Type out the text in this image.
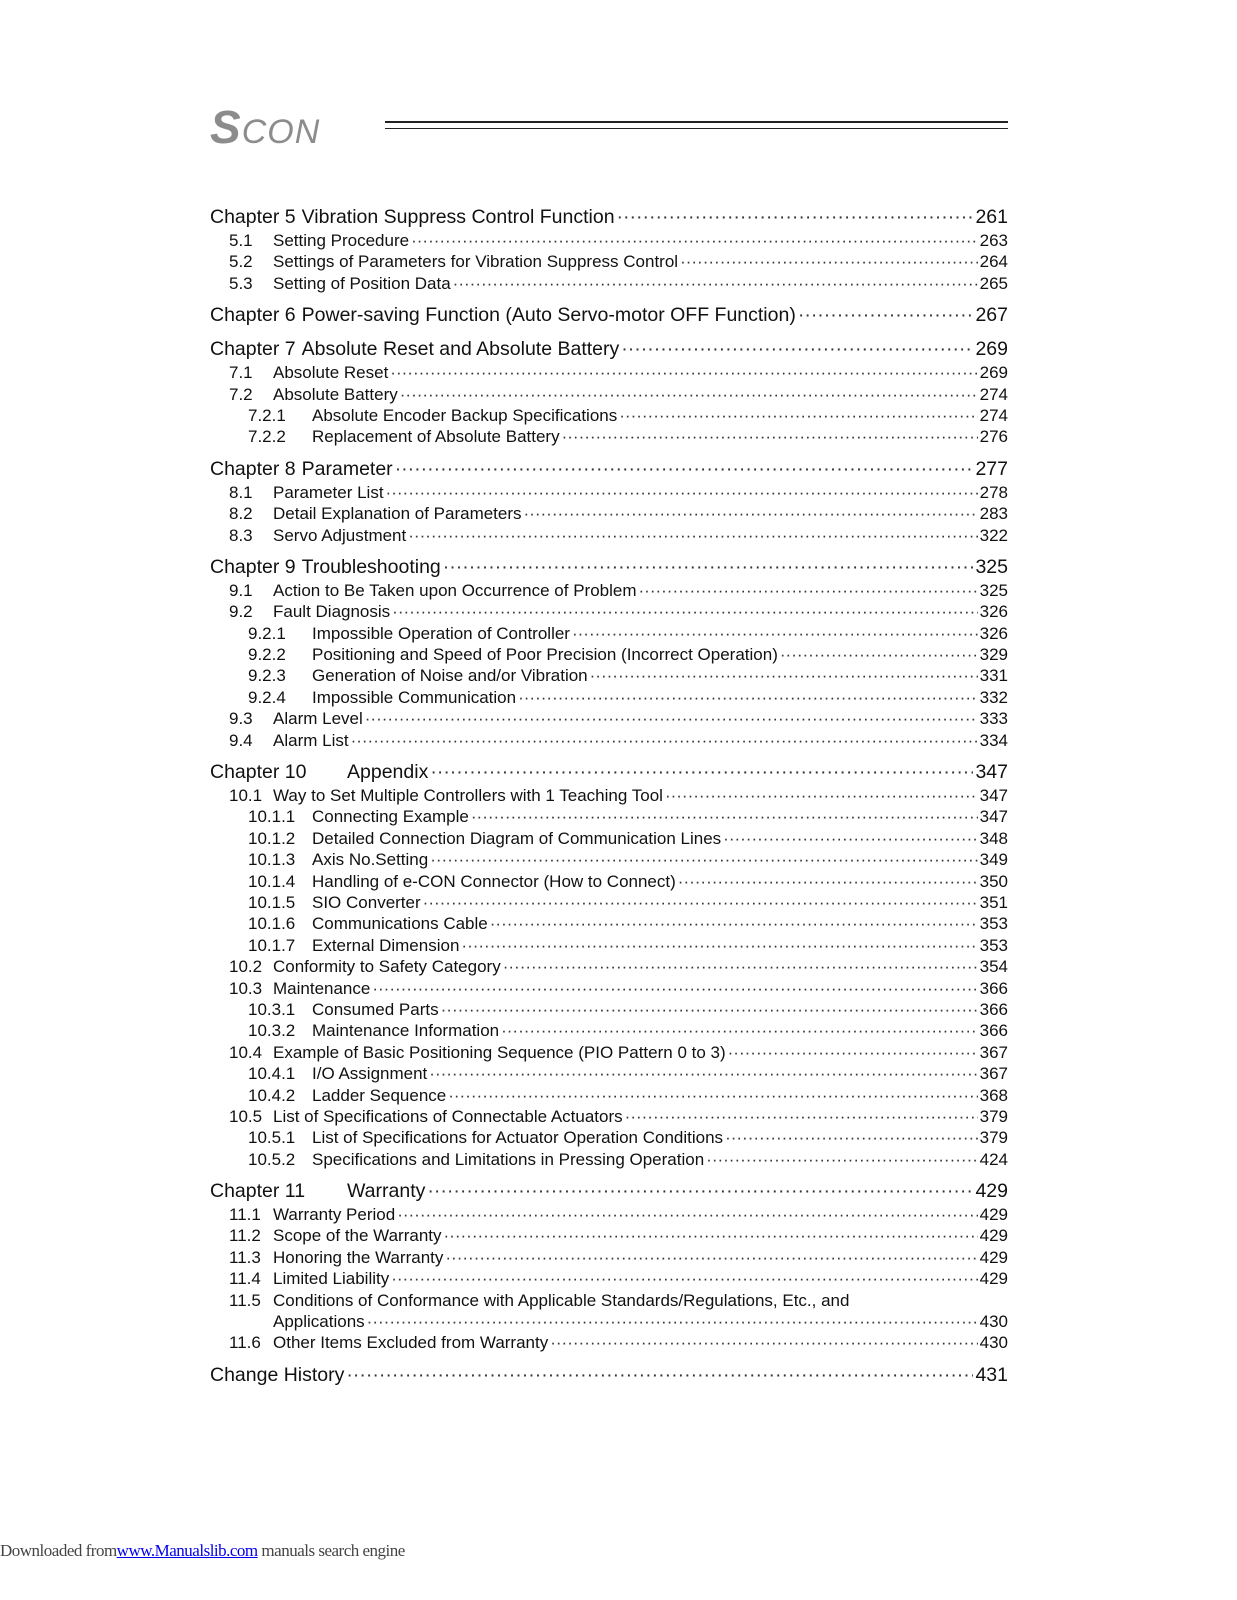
SCON
Chapter 5 Vibration Suppress Control Function ·····	261
5.1	Setting Procedure ·····	263
5.2	Settings of Parameters for Vibration Suppress Control ·····	264
5.3	Setting of Position Data ·····	265
Chapter 6 Power-saving Function (Auto Servo-motor OFF Function) ·····	267
Chapter 7 Absolute Reset and Absolute Battery ·····	269
7.1	Absolute Reset ·····	269
7.2	Absolute Battery ·····	274
7.2.1	Absolute Encoder Backup Specifications ·····	274
7.2.2	Replacement of Absolute Battery ·····	276
Chapter 8 Parameter ·····	277
8.1	Parameter List ·····	278
8.2	Detail Explanation of Parameters ·····	283
8.3	Servo Adjustment ·····	322
Chapter 9 Troubleshooting ·····	325
9.1	Action to Be Taken upon Occurrence of Problem ·····	325
9.2	Fault Diagnosis ·····	326
9.2.1	Impossible Operation of Controller ·····	326
9.2.2	Positioning and Speed of Poor Precision (Incorrect Operation) ·····	329
9.2.3	Generation of Noise and/or Vibration ·····	331
9.2.4	Impossible Communication ·····	332
9.3	Alarm Level ·····	333
9.4	Alarm List ·····	334
Chapter 10	Appendix ·····	347
10.1 Way to Set Multiple Controllers with 1 Teaching Tool ·····	347
10.1.1 Connecting Example ·····	347
10.1.2 Detailed Connection Diagram of Communication Lines ·····	348
10.1.3 Axis No.Setting ·····	349
10.1.4 Handling of e-CON Connector (How to Connect) ·····	350
10.1.5 SIO Converter ·····	351
10.1.6 Communications Cable ·····	353
10.1.7 External Dimension ·····	353
10.2 Conformity to Safety Category ·····	354
10.3 Maintenance ·····	366
10.3.1 Consumed Parts ·····	366
10.3.2 Maintenance Information ·····	366
10.4 Example of Basic Positioning Sequence (PIO Pattern 0 to 3) ·····	367
10.4.1 I/O Assignment ·····	367
10.4.2 Ladder Sequence ·····	368
10.5 List of Specifications of Connectable Actuators ·····	379
10.5.1 List of Specifications for Actuator Operation Conditions ·····	379
10.5.2 Specifications and Limitations in Pressing Operation ·····	424
Chapter 11	Warranty ·····	429
11.1 Warranty Period ·····	429
11.2 Scope of the Warranty ·····	429
11.3 Honoring the Warranty ·····	429
11.4 Limited Liability ·····	429
11.5 Conditions of Conformance with Applicable Standards/Regulations, Etc., and
Applications ·····	430
11.6 Other Items Excluded from Warranty ·····	430
Change History ·····	431
Downloaded fromwww.Manualslib.com manuals search engine
